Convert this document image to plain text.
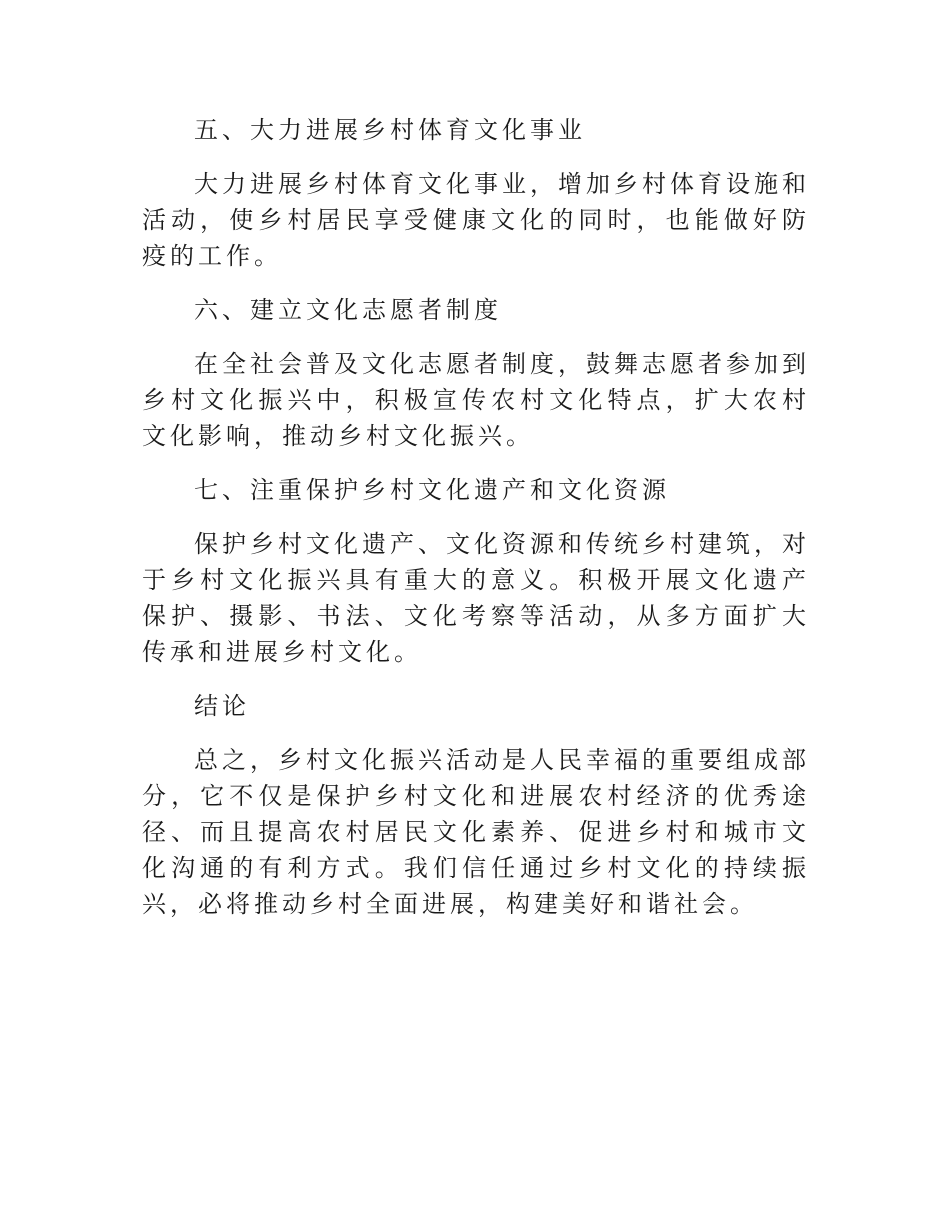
五、大力进展乡村体育文化事业

大力进展乡村体育文化事业，增加乡村体育设施和活动，使乡村居民享受健康文化的同时，也能做好防疫的工作。

六、建立文化志愿者制度

在全社会普及文化志愿者制度，鼓舞志愿者参加到乡村文化振兴中，积极宣传农村文化特点，扩大农村文化影响，推动乡村文化振兴。

七、注重保护乡村文化遗产和文化资源

保护乡村文化遗产、文化资源和传统乡村建筑，对于乡村文化振兴具有重大的意义。积极开展文化遗产保护、摄影、书法、文化考察等活动，从多方面扩大传承和进展乡村文化。

结论

总之，乡村文化振兴活动是人民幸福的重要组成部分，它不仅是保护乡村文化和进展农村经济的优秀途径、而且提高农村居民文化素养、促进乡村和城市文化沟通的有利方式。我们信任通过乡村文化的持续振兴，必将推动乡村全面进展，构建美好和谐社会。
